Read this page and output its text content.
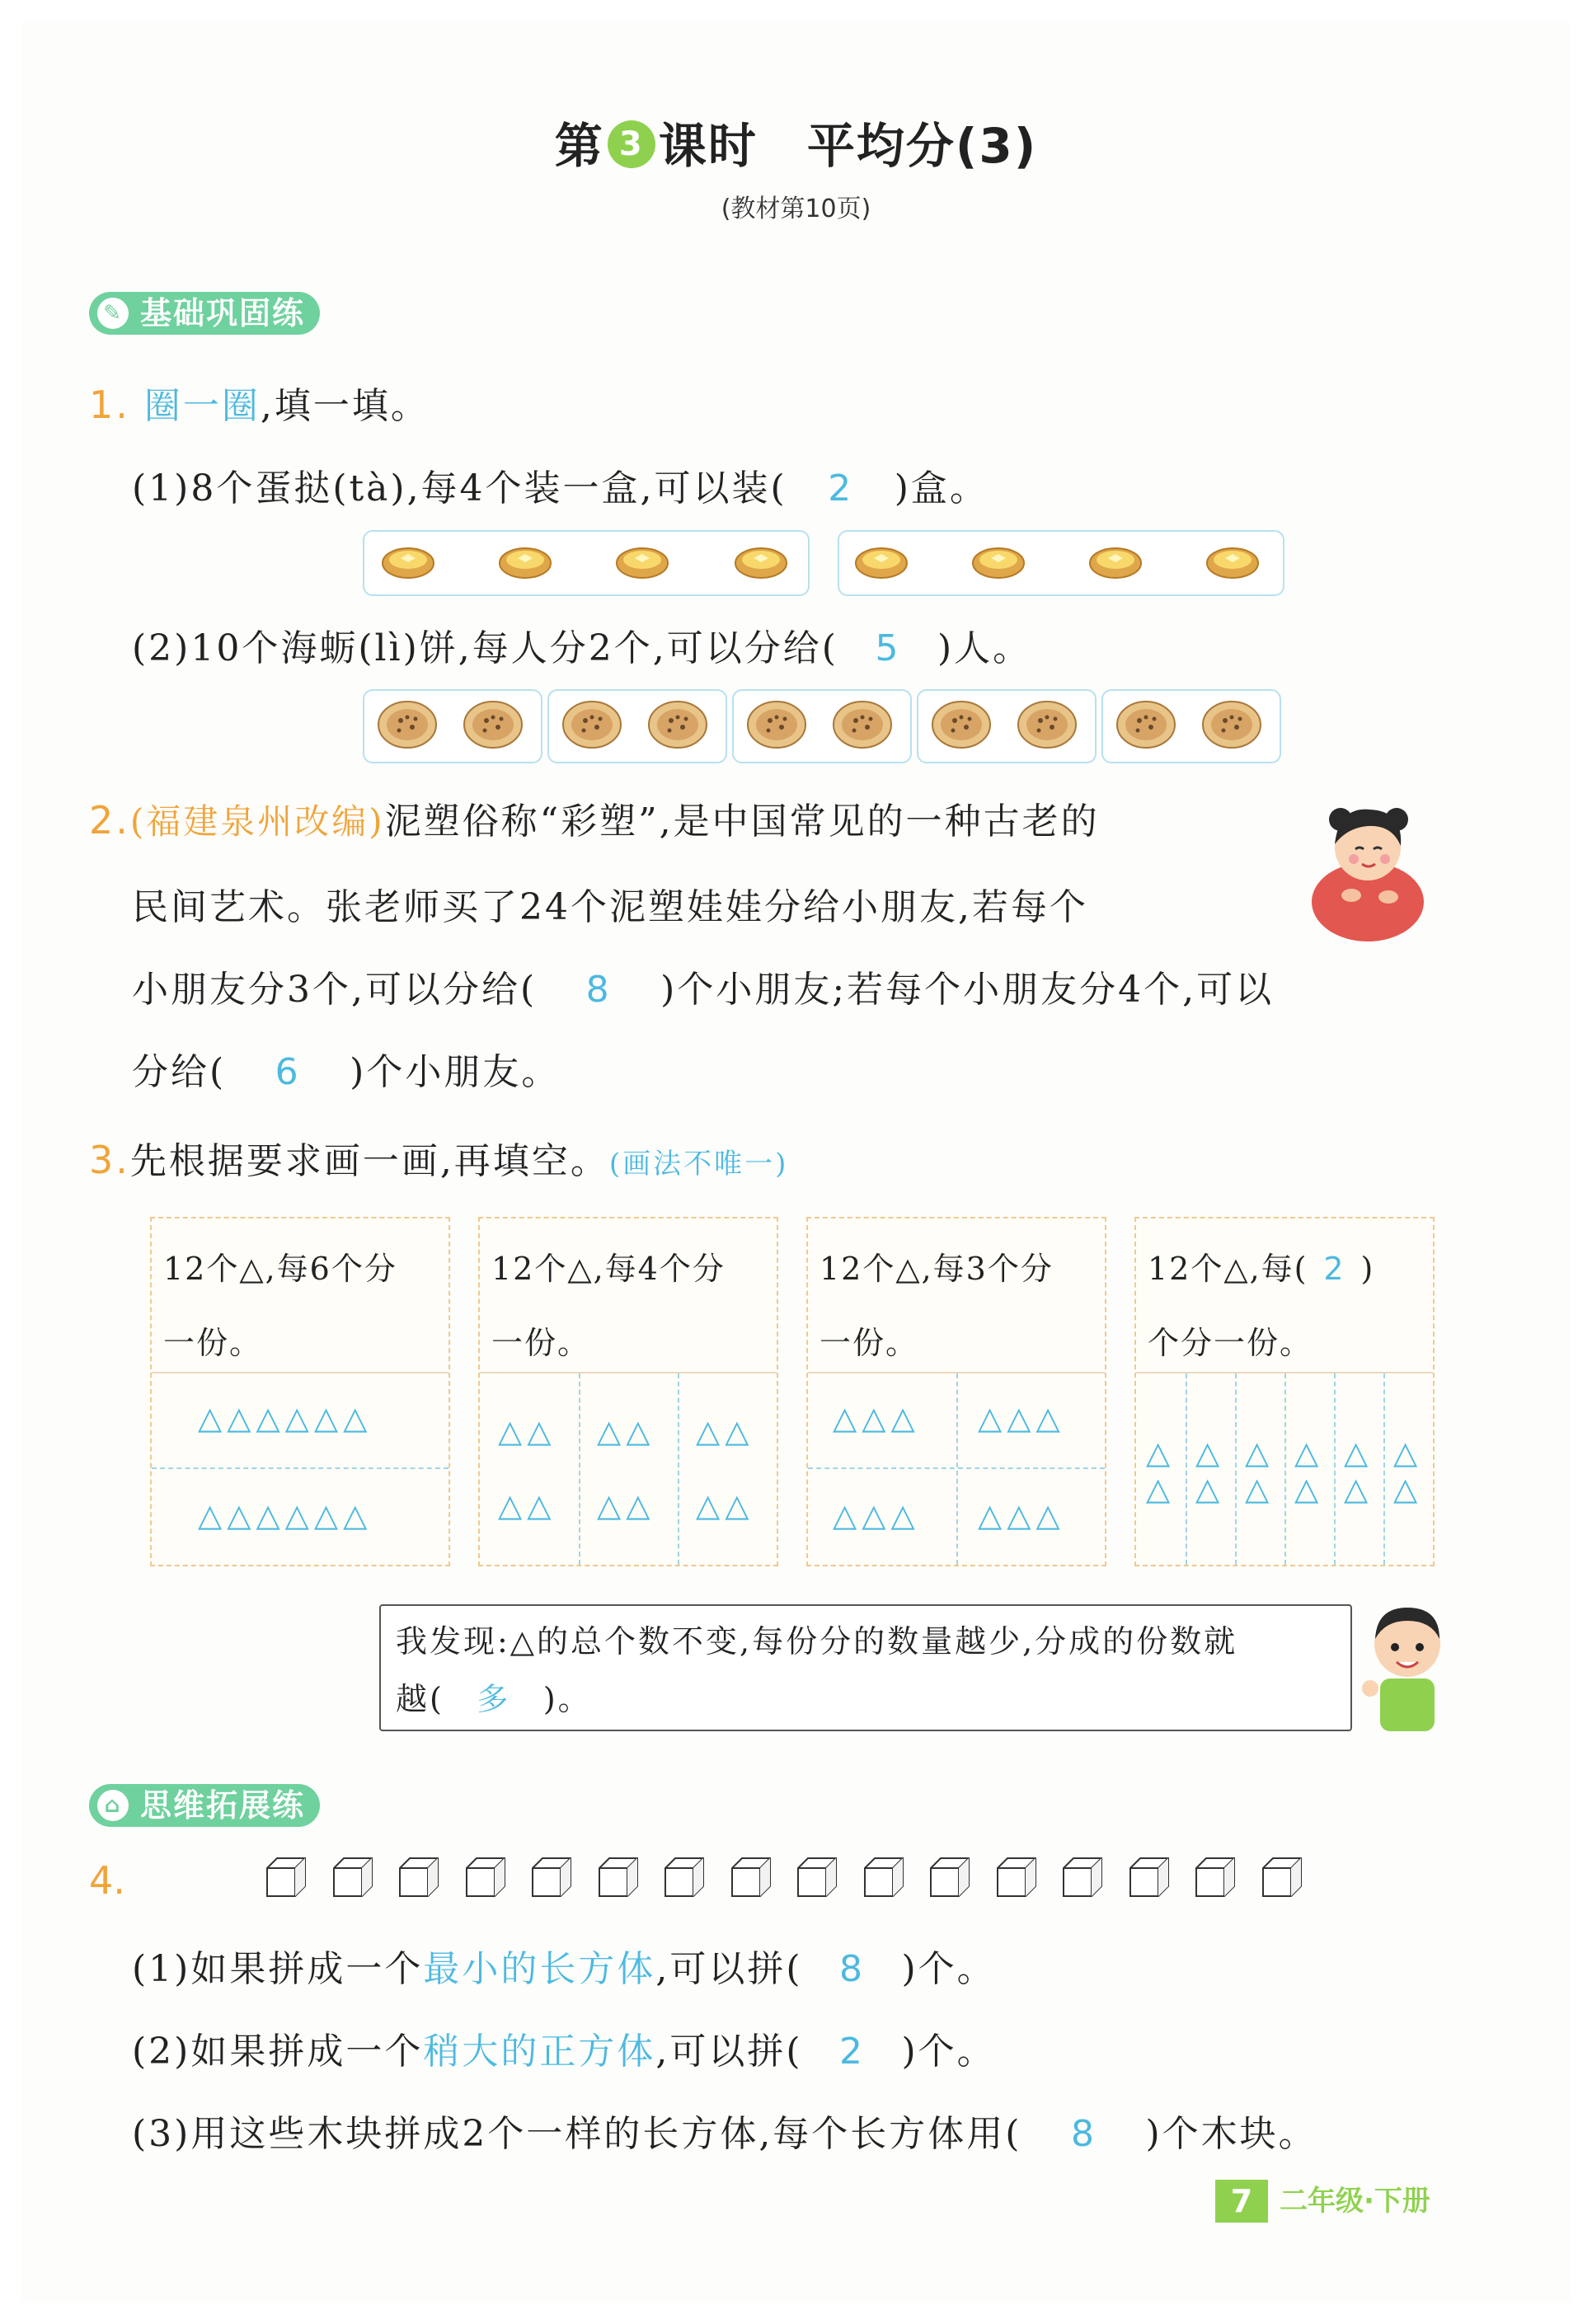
第 3 课时 平均分(3)
(教材第10页)
✎ 基础巩固练
1. 圈一圈,填一填。
(1)8个蛋挞(tà),每4个装一盒,可以装( 2 )盒。
(2)10个海蛎(lì)饼,每人分2个,可以分给( 5 )人。
2.(福建泉州改编)泥塑俗称“彩塑”,是中国常见的一种古老的
民间艺术。张老师买了24个泥塑娃娃分给小朋友,若每个
小朋友分3个,可以分给( 8 )个小朋友;若每个小朋友分4个,可以
分给( 6 )个小朋友。
3.先根据要求画一画,再填空。(画法不唯一)
12个△,每6个分
一份。
△△△△△△
△△△△△△
12个△,每4个分
一份。
△△
△△
△△
△△
△△
△△
12个△,每3个分
一份。
△△△ △△△
△△△ △△△
12个△,每( 2 )
个分一份。
△
△
△
△
△
△
△
△
△
△
△
△
我发现:△的总个数不变,每份分的数量越少,分成的份数就
越( 多 )。
⌂ 思维拓展练
4.
(1)如果拼成一个最小的长方体,可以拼( 8 )个。
(2)如果拼成一个稍大的正方体,可以拼( 2 )个。
(3)用这些木块拼成2个一样的长方体,每个长方体用( 8 )个木块。
7 二年级·下册
